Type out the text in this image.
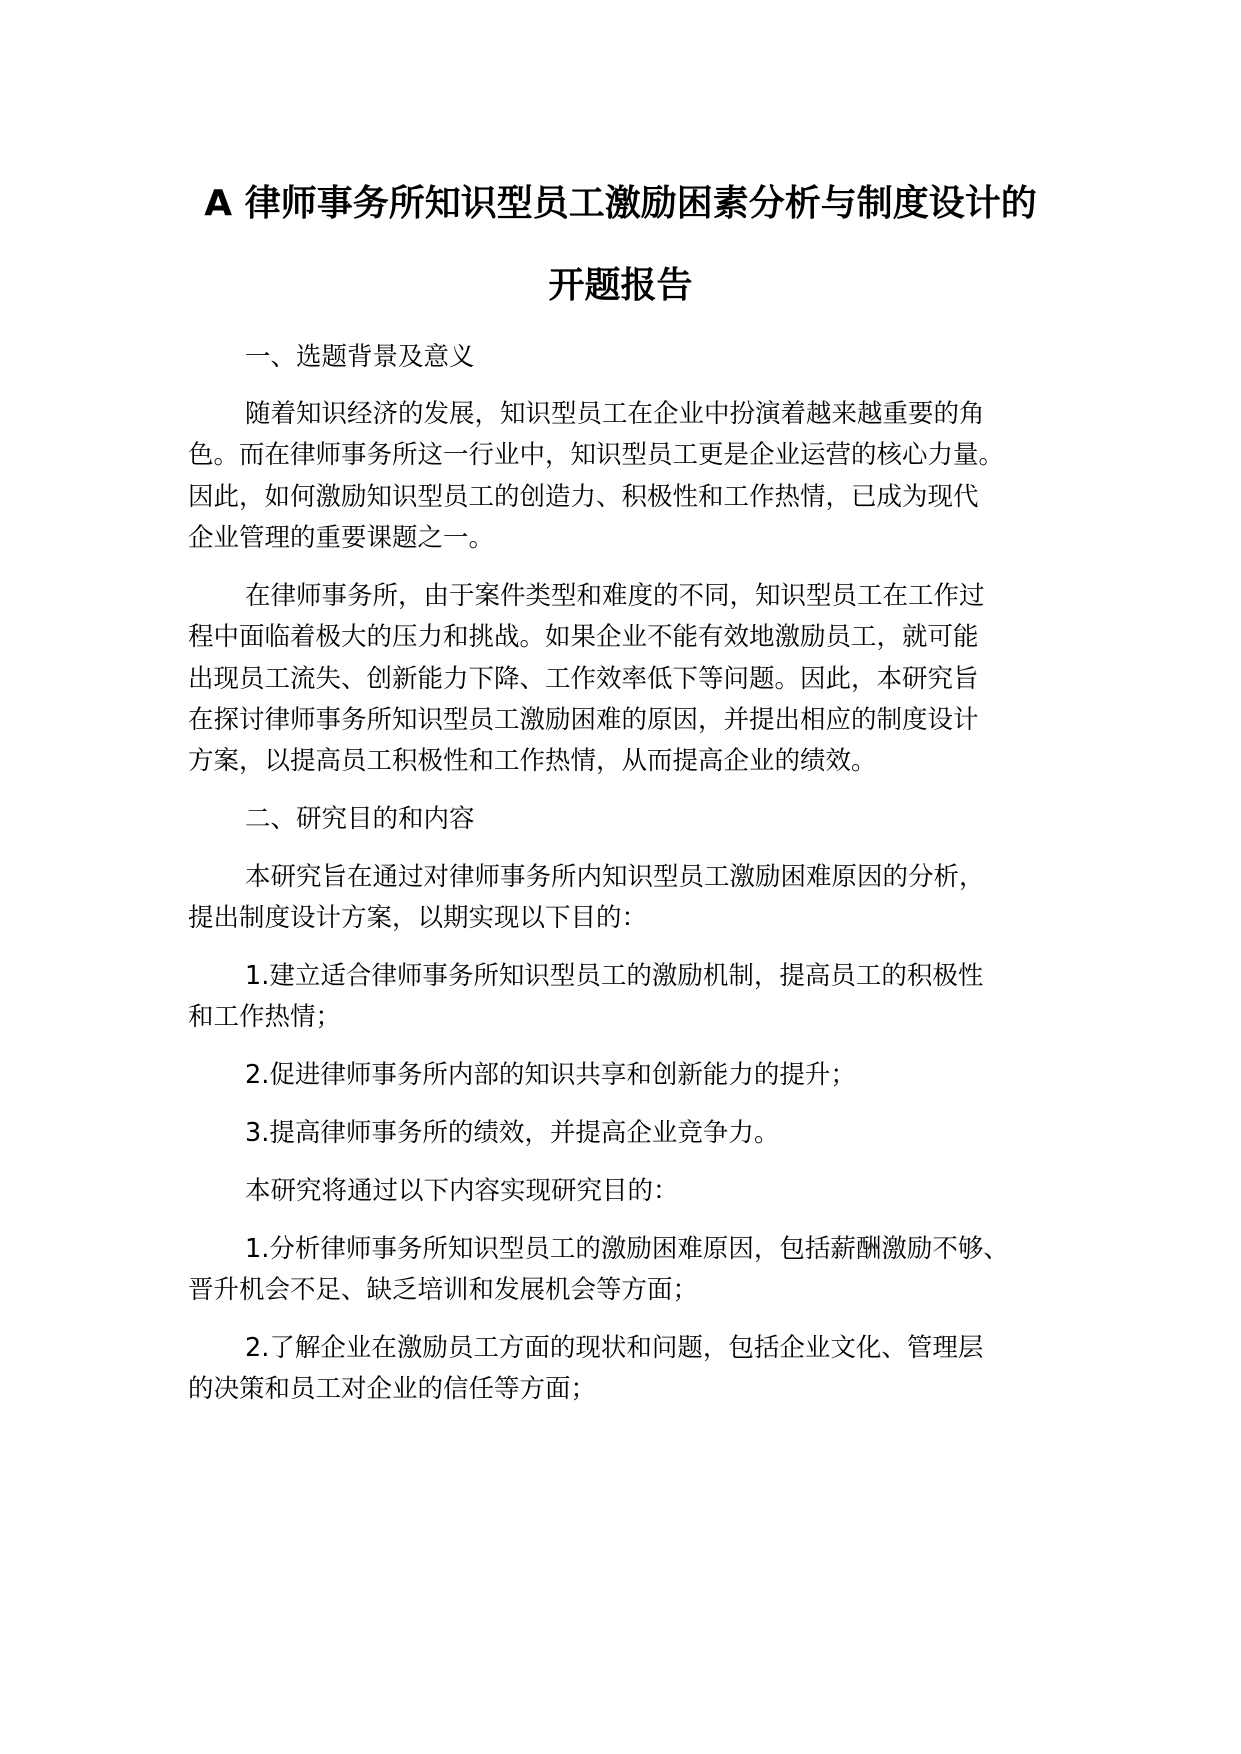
A 律师事务所知识型员工激励困素分析与制度设计的
开题报告
一、选题背景及意义
随着知识经济的发展，知识型员工在企业中扮演着越来越重要的角
色。而在律师事务所这一行业中，知识型员工更是企业运营的核心力量。
因此，如何激励知识型员工的创造力、积极性和工作热情，已成为现代
企业管理的重要课题之一。
在律师事务所，由于案件类型和难度的不同，知识型员工在工作过
程中面临着极大的压力和挑战。如果企业不能有效地激励员工，就可能
出现员工流失、创新能力下降、工作效率低下等问题。因此，本研究旨
在探讨律师事务所知识型员工激励困难的原因，并提出相应的制度设计
方案，以提高员工积极性和工作热情，从而提高企业的绩效。
二、研究目的和内容
本研究旨在通过对律师事务所内知识型员工激励困难原因的分析，
提出制度设计方案，以期实现以下目的：
1.建立适合律师事务所知识型员工的激励机制，提高员工的积极性
和工作热情；
2.促进律师事务所内部的知识共享和创新能力的提升；
3.提高律师事务所的绩效，并提高企业竞争力。
本研究将通过以下内容实现研究目的：
1.分析律师事务所知识型员工的激励困难原因，包括薪酬激励不够、
晋升机会不足、缺乏培训和发展机会等方面；
2.了解企业在激励员工方面的现状和问题，包括企业文化、管理层
的决策和员工对企业的信任等方面；
